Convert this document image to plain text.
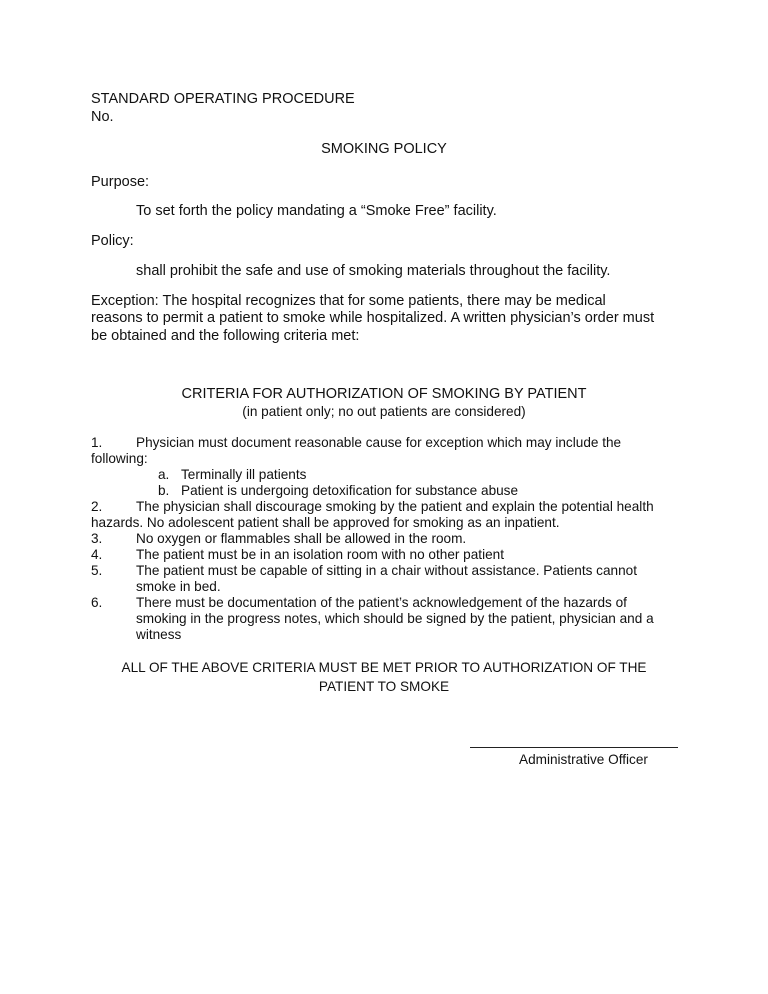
STANDARD OPERATING PROCEDURE
No.
SMOKING POLICY
Purpose:
To set forth the policy mandating a “Smoke Free” facility.
Policy:
shall prohibit the safe and use of smoking materials throughout the facility.
Exception: The hospital recognizes that for some patients, there may be medical
reasons to permit a patient to smoke while hospitalized. A written physician’s order must
be obtained and the following criteria met:
CRITERIA FOR AUTHORIZATION OF SMOKING BY PATIENT
(in patient only; no out patients are considered)
1. Physician must document reasonable cause for exception which may include the
following:
a. Terminally ill patients
b. Patient is undergoing detoxification for substance abuse
2. The physician shall discourage smoking by the patient and explain the potential health
hazards. No adolescent patient shall be approved for smoking as an inpatient.
3. No oxygen or flammables shall be allowed in the room.
4. The patient must be in an isolation room with no other patient
5. The patient must be capable of sitting in a chair without assistance. Patients cannot
smoke in bed.
6. There must be documentation of the patient’s acknowledgement of the hazards of
smoking in the progress notes, which should be signed by the patient, physician and a
witness
ALL OF THE ABOVE CRITERIA MUST BE MET PRIOR TO AUTHORIZATION OF THE
PATIENT TO SMOKE
Administrative Officer
